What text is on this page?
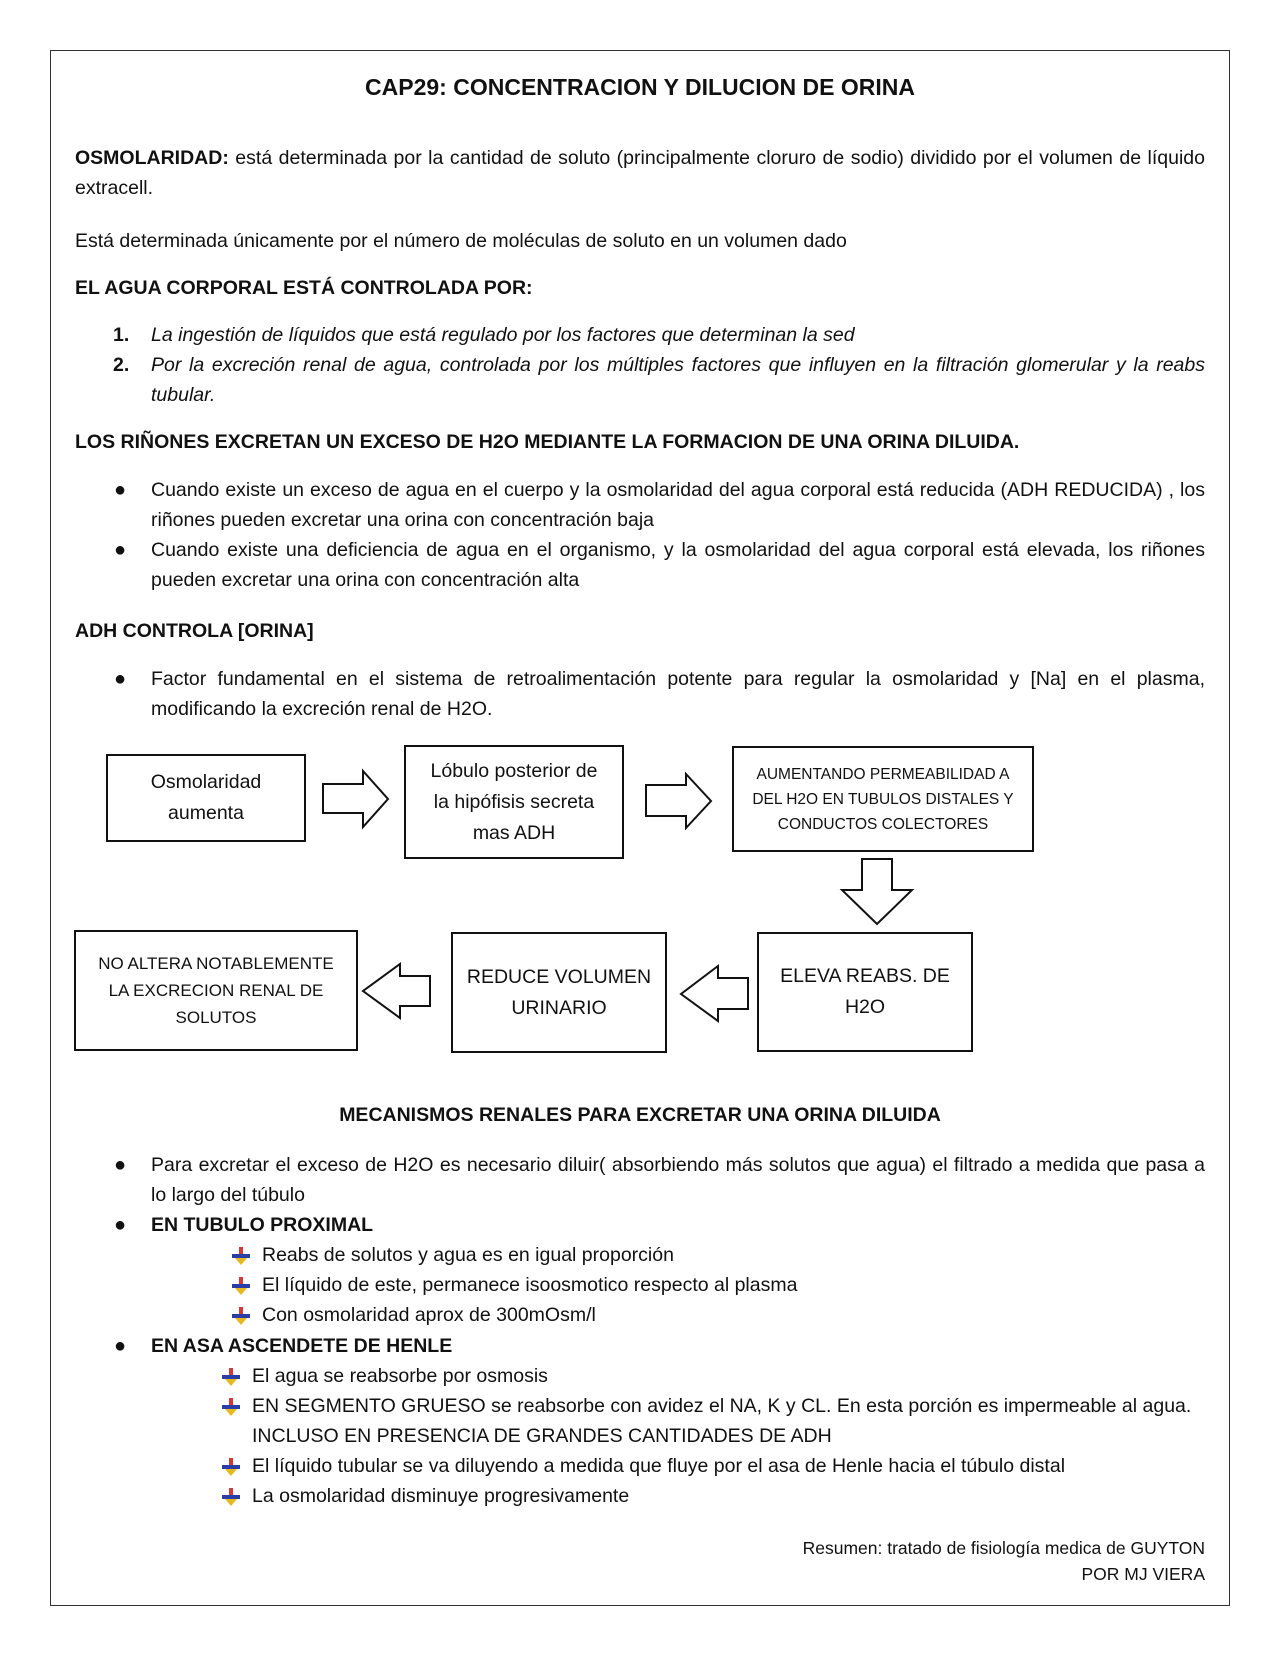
CAP29: CONCENTRACION Y DILUCION DE ORINA
OSMOLARIDAD: está determinada por la cantidad de soluto (principalmente cloruro de sodio) dividido por el volumen de líquido extracell.
Está determinada únicamente por el número de moléculas de soluto en un volumen dado
EL AGUA CORPORAL ESTÁ CONTROLADA POR:
1. La ingestión de líquidos que está regulado por los factores que determinan la sed
2. Por la excreción renal de agua, controlada por los múltiples factores que influyen en la filtración glomerular y la reabs tubular.
LOS RIÑONES EXCRETAN UN EXCESO DE H2O MEDIANTE LA FORMACION DE UNA ORINA DILUIDA.
● Cuando existe un exceso de agua en el cuerpo y la osmolaridad del agua corporal está reducida (ADH REDUCIDA) , los riñones pueden excretar una orina con concentración baja
● Cuando existe una deficiencia de agua en el organismo, y la osmolaridad del agua corporal está elevada, los riñones pueden excretar una orina con concentración alta
ADH CONTROLA [ORINA]
● Factor fundamental en el sistema de retroalimentación potente para regular la osmolaridad y [Na] en el plasma, modificando la excreción renal de H2O.
Osmolaridad
aumenta
Lóbulo posterior de
la hipófisis secreta
mas ADH
AUMENTANDO PERMEABILIDAD A
DEL H2O EN TUBULOS DISTALES Y
CONDUCTOS COLECTORES
ELEVA REABS. DE
H2O
REDUCE VOLUMEN
URINARIO
NO ALTERA NOTABLEMENTE
LA EXCRECION RENAL DE
SOLUTOS
MECANISMOS RENALES PARA EXCRETAR UNA ORINA DILUIDA
● Para excretar el exceso de H2O es necesario diluir( absorbiendo más solutos que agua) el filtrado a medida que pasa a lo largo del túbulo
● EN TUBULO PROXIMAL
Reabs de solutos y agua es en igual proporción
El líquido de este, permanece isoosmotico respecto al plasma
Con osmolaridad aprox de 300mOsm/l
● EN ASA ASCENDETE DE HENLE
El agua se reabsorbe por osmosis
EN SEGMENTO GRUESO se reabsorbe con avidez el NA, K y CL. En esta porción es impermeable al agua. INCLUSO EN PRESENCIA DE GRANDES CANTIDADES DE ADH
El líquido tubular se va diluyendo a medida que fluye por el asa de Henle hacia el túbulo distal
La osmolaridad disminuye progresivamente
Resumen: tratado de fisiología medica de GUYTON
POR MJ VIERA
